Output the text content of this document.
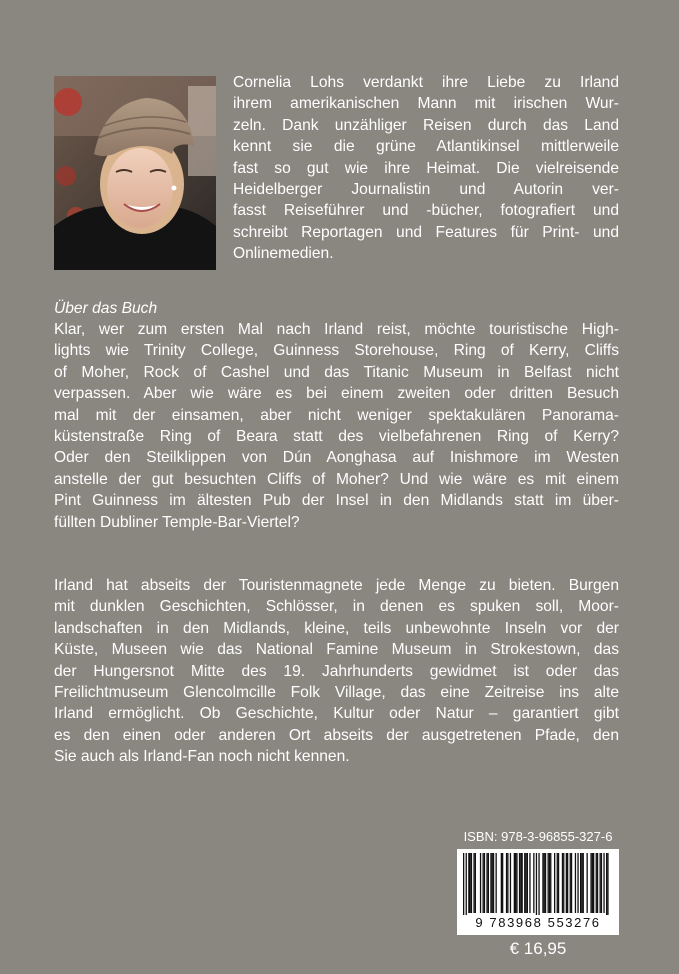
Cornelia Lohs verdankt ihre Liebe zu Irland
ihrem amerikanischen Mann mit irischen Wur-
zeln. Dank unzähliger Reisen durch das Land
kennt sie die grüne Atlantikinsel mittlerweile
fast so gut wie ihre Heimat. Die vielreisende
Heidelberger Journalistin und Autorin ver-
fasst Reiseführer und -bücher, fotografiert und
schreibt Reportagen und Features für Print- und
Onlinemedien.
Über das Buch
Klar, wer zum ersten Mal nach Irland reist, möchte touristische High-
lights wie Trinity College, Guinness Storehouse, Ring of Kerry, Cliffs
of Moher, Rock of Cashel und das Titanic Museum in Belfast nicht
verpassen. Aber wie wäre es bei einem zweiten oder dritten Besuch
mal mit der einsamen, aber nicht weniger spektakulären Panorama-
küstenstraße Ring of Beara statt des vielbefahrenen Ring of Kerry?
Oder den Steilklippen von Dún Aonghasa auf Inishmore im Westen
anstelle der gut besuchten Cliffs of Moher? Und wie wäre es mit einem
Pint Guinness im ältesten Pub der Insel in den Midlands statt im über-
füllten Dubliner Temple-Bar-Viertel?
Irland hat abseits der Touristenmagnete jede Menge zu bieten. Burgen
mit dunklen Geschichten, Schlösser, in denen es spuken soll, Moor-
landschaften in den Midlands, kleine, teils unbewohnte Inseln vor der
Küste, Museen wie das National Famine Museum in Strokestown, das
der Hungersnot Mitte des 19. Jahrhunderts gewidmet ist oder das
Freilichtmuseum Glencolmcille Folk Village, das eine Zeitreise ins alte
Irland ermöglicht. Ob Geschichte, Kultur oder Natur – garantiert gibt
es den einen oder anderen Ort abseits der ausgetretenen Pfade, den
Sie auch als Irland-Fan noch nicht kennen.
ISBN: 978-3-96855-327-6
9 783968 553276
€ 16,95
